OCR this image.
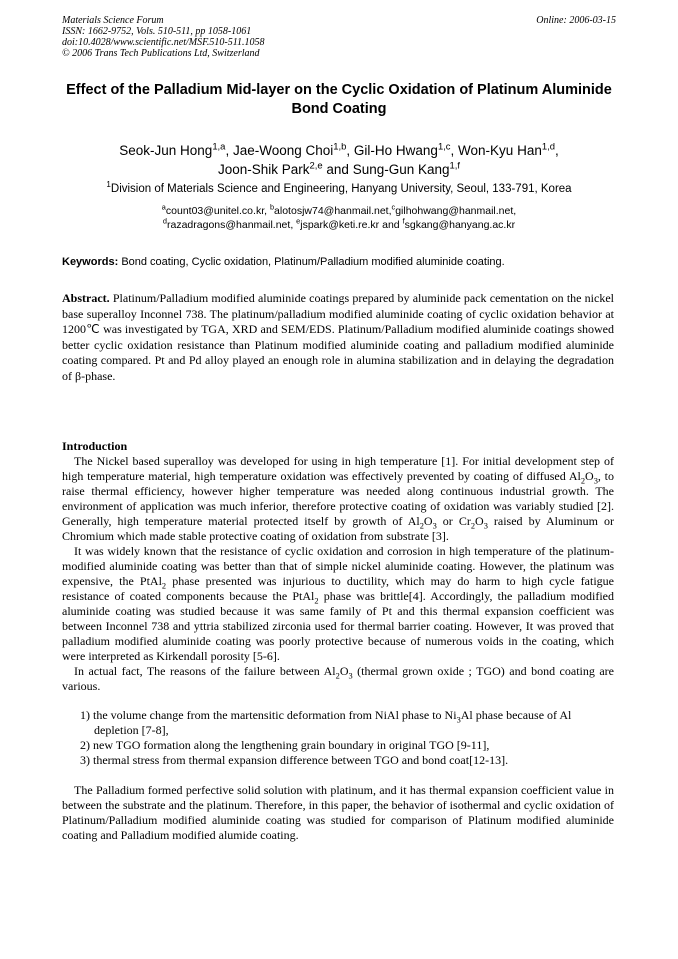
Materials Science Forum
ISSN: 1662-9752, Vols. 510-511, pp 1058-1061
doi:10.4028/www.scientific.net/MSF.510-511.1058
© 2006 Trans Tech Publications Ltd, Switzerland
Online: 2006-03-15
Effect of the Palladium Mid-layer on the Cyclic Oxidation of Platinum Aluminide Bond Coating
Seok-Jun Hong$^{1,a}$, Jae-Woong Choi$^{1,b}$, Gil-Ho Hwang$^{1,c}$, Won-Kyu Han$^{1,d}$,
Joon-Shik Park$^{2,e}$ and Sung-Gun Kang$^{1,f}$
$^1$Division of Materials Science and Engineering, Hanyang University, Seoul, 133-791, Korea
$^a$count03@unitel.co.kr, $^b$alotosjw74@hanmail.net,$^c$gilhohwang@hanmail.net,
$^d$razadragons@hanmail.net, $^e$jspark@keti.re.kr and $^f$sgkang@hanyang.ac.kr
Keywords: Bond coating, Cyclic oxidation, Platinum/Palladium modified aluminide coating.

Abstract. Platinum/Palladium modified aluminide coatings prepared by aluminide pack cementation on the nickel base superalloy Inconnel 738. The platinum/palladium modified aluminide coating of cyclic oxidation behavior at 1200℃ was investigated by TGA, XRD and SEM/EDS. Platinum/Palladium modified aluminide coatings showed better cyclic oxidation resistance than Platinum modified aluminide coating and palladium modified aluminide coating compared. Pt and Pd alloy played an enough role in alumina stabilization and in delaying the degradation of β-phase.

Introduction

The Nickel based superalloy was developed for using in high temperature [1]. For initial development step of high temperature material, high temperature oxidation was effectively prevented by coating of diffused $Al_2O_3$, to raise thermal efficiency, however higher temperature was needed along continuous industrial growth. The environment of application was much inferior, therefore protective coating of oxidation was variably studied [2]. Generally, high temperature material protected itself by growth of $Al_2O_3$ or $Cr_2O_3$ raised by Aluminum or Chromium which made stable protective coating of oxidation from substrate [3].

It was widely known that the resistance of cyclic oxidation and corrosion in high temperature of the platinum-modified aluminide coating was better than that of simple nickel aluminide coating. However, the platinum was expensive, the PtAl$_2$ phase presented was injurious to ductility, which may do harm to high cycle fatigue resistance of coated components because the PtAl$_2$ phase was brittle[4]. Accordingly, the palladium modified aluminide coating was studied because it was same family of Pt and this thermal expansion coefficient was between Inconnel 738 and yttria stabilized zirconia used for thermal barrier coating. However, It was proved that palladium modified aluminide coating was poorly protective because of numerous voids in the coating, which were interpreted as Kirkendall porosity [5-6].

In actual fact, The reasons of the failure between $Al_2O_3$ (thermal grown oxide ; TGO) and bond coating are various.

1) the volume change from the martensitic deformation from NiAl phase to $Ni_3Al$ phase because of Al depletion [7-8],
2) new TGO formation along the lengthening grain boundary in original TGO [9-11],
3) thermal stress from thermal expansion difference between TGO and bond coat[12-13].

The Palladium formed perfective solid solution with platinum, and it has thermal expansion coefficient value in between the substrate and the platinum. Therefore, in this paper, the behavior of isothermal and cyclic oxidation of Platinum/Palladium modified aluminide coating was studied for comparison of Platinum modified aluminide coating and Palladium modified alumide coating.
